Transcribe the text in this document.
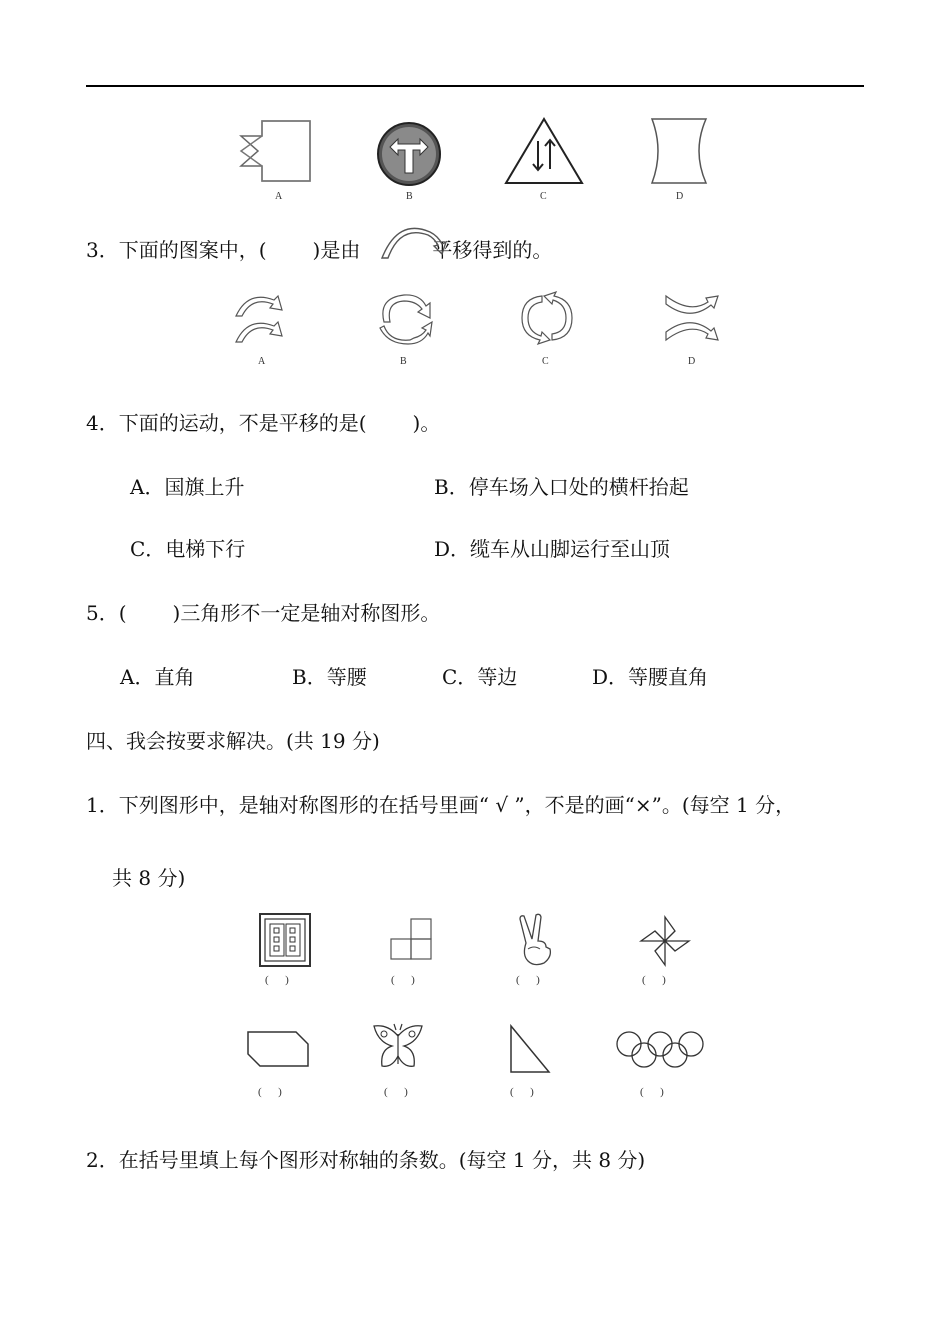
A	B	C	D
3．下面的图案中，( )是由	平移得到的。
A	B	C	D
4．下面的运动，不是平移的是( )。
A．国旗上升	B．停车场入口处的横杆抬起
C．电梯下行	D．缆车从山脚运行至山顶
5．( )三角形不一定是轴对称图形。
A．直角	B．等腰	C．等边	D．等腰直角
四、我会按要求解决。(共 19 分)
1．下列图形中，是轴对称图形的在括号里画“ √ ”，不是的画“×”。(每空 1 分，
共 8 分)
(      )	(      )	(      )	(      )
(      )	(      )	(      )	(      )
2．在括号里填上每个图形对称轴的条数。(每空 1 分，共 8 分)
